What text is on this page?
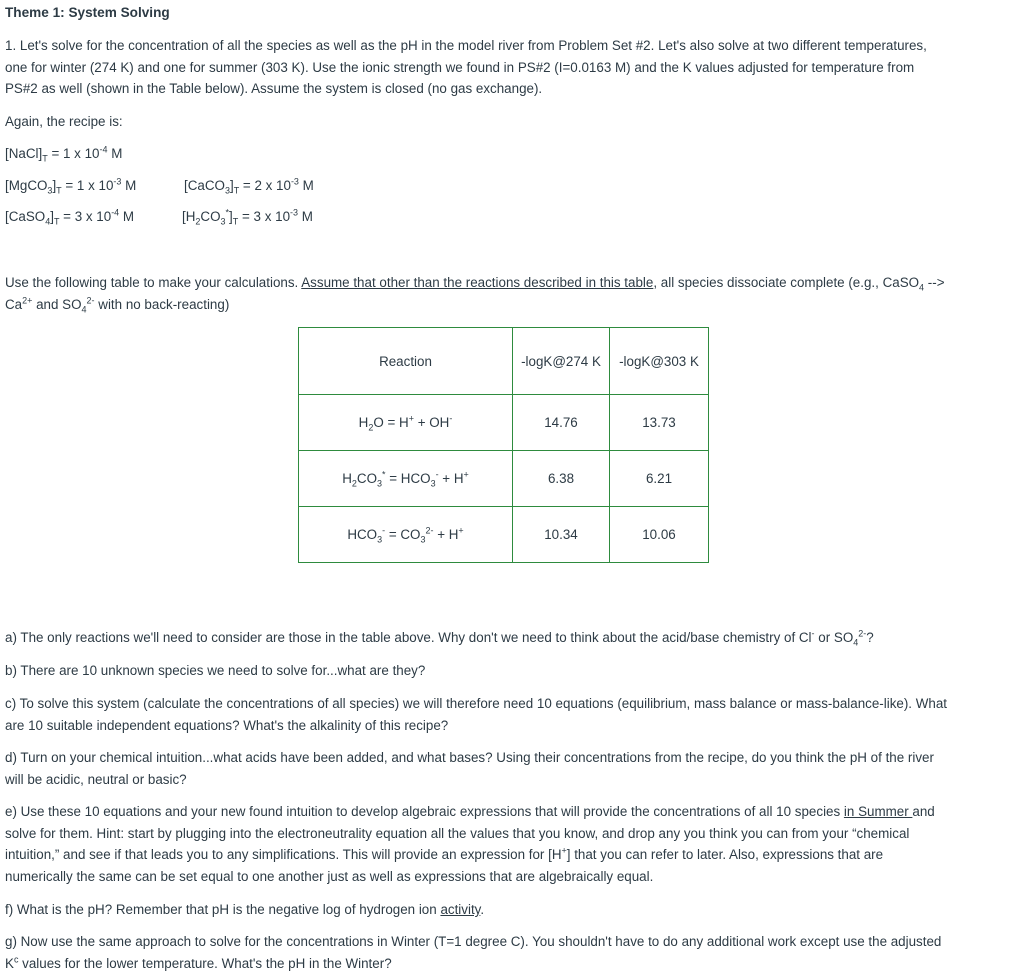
Theme 1: System Solving
1. Let's solve for the concentration of all the species as well as the pH in the model river from Problem Set #2. Let's also solve at two different temperatures,
one for winter (274 K) and one for summer (303 K). Use the ionic strength we found in PS#2 (I=0.0163 M) and the K values adjusted for temperature from
PS#2 as well (shown in the Table below). Assume the system is closed (no gas exchange).
Again, the recipe is:
$[NaCl]_T = 1$ x $10^{-4}$ M
$[MgCO_3]_T = 1$ x $10^{-3}$ M	$[CaCO_3]_T = 2$ x $10^{-3}$ M
$[CaSO_4]_T = 3$ x $10^{-4}$ M	$[H_2CO_3^*]_T = 3$ x $10^{-3}$ M
Use the following table to make your calculations. Assume that other than the reactions described in this table, all species dissociate complete (e.g., CaSO$_4$ -->
$Ca^{2+}$ and $SO_4^{2-}$ with no back-reacting)
Reaction	-logK@274 K	-logK@303 K
$H_2O = H^+ + OH^-$	14.76	13.73
$H_2CO_3^* = HCO_3^- + H^+$	6.38	6.21
$HCO_3^- = CO_3^{2-} + H^+$	10.34	10.06
a) The only reactions we'll need to consider are those in the table above. Why don't we need to think about the acid/base chemistry of Cl- or $SO_4^{2-}$?
b) There are 10 unknown species we need to solve for...what are they?
c) To solve this system (calculate the concentrations of all species) we will therefore need 10 equations (equilibrium, mass balance or mass-balance-like). What
are 10 suitable independent equations? What's the alkalinity of this recipe?
d) Turn on your chemical intuition...what acids have been added, and what bases? Using their concentrations from the recipe, do you think the pH of the river
will be acidic, neutral or basic?
e) Use these 10 equations and your new found intuition to develop algebraic expressions that will provide the concentrations of all 10 species in Summer and
solve for them. Hint: start by plugging into the electroneutrality equation all the values that you know, and drop any you think you can from your “chemical
intuition,” and see if that leads you to any simplifications. This will provide an expression for [H+] that you can refer to later. Also, expressions that are
numerically the same can be set equal to one another just as well as expressions that are algebraically equal.
f) What is the pH? Remember that pH is the negative log of hydrogen ion activity.
g) Now use the same approach to solve for the concentrations in Winter (T=1 degree C). You shouldn't have to do any additional work except use the adjusted
$K^c$ values for the lower temperature. What's the pH in the Winter?
